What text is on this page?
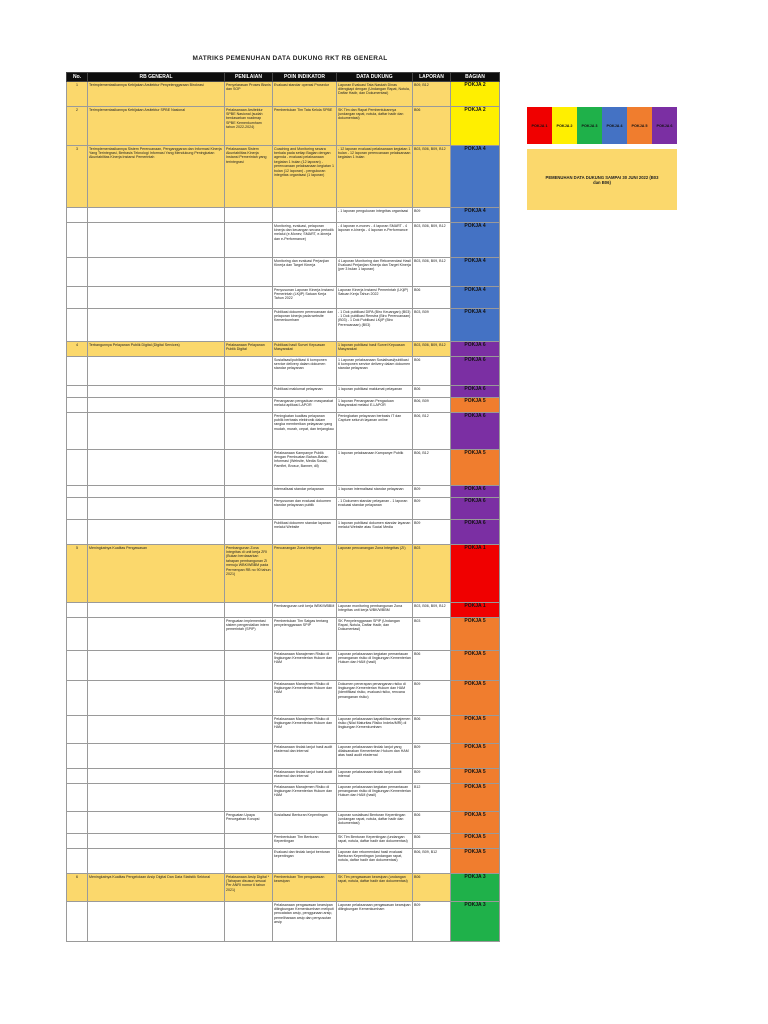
MATRIKS PEMENUHAN DATA DUKUNG RKT RB GENERAL
No.	RB GENERAL	PENILAIAN	POIN INDIKATOR	DATA DUKUNG	LAPORAN	BAGIAN
1	Terimplementasikannya Kebijakan Arsitektur Penyelenggaraan Birokrasi	Penyelarasan Proses Bisnis dan SOP	Evaluasi standar operasi Prosedur	Laporan Evaluasi Tata Naskah Dinas dilengkapi dengan (Undangan Rapat, Notula, Daftar Hadir, dan Dokumentasi)	B09, B12	POKJA 2
2	Terimplementasikannya Kebijakan Arsitektur SPBE Nasional	Pelaksanaan Arsitektur SPBE Nasional (sudah berdasarkan roadmap SPBE Kemenkumham tahun 2022-2024)	Pembentukan Tim Tata Kelola SPBE	SK Tim dan Rapat Pembentukannya (undangan rapat, notula, daftar hadir dan dokumentasi)	B06	POKJA 2
3	Terimplementasikannya Sistem Perencanaan, Penganggaran dan Informasi Kinerja Yang Terintegrasi, Berbasis Teknologi Informasi Yang Mendukung Peningkatan Akuntabilitas Kinerja Instansi Pemerintah	Pelaksanaan Sistem Akuntabilitas Kinerja Instansi Pemerintah yang terintegrasi	Coaching and Monitoring secara berkala pada setiap Bagian dengan agenda - evaluasi pelaksanaan kegiatan 1 bulan (12 laporan) - perencanaan pelaksanaan kegiatan 1 bulan (12 laporan) - pengukuran integritas organisasi (1 laporan)	- 12 laporan evaluasi pelaksanaan kegiatan 1 bulan - 12 laporan perencanaan pelaksanaan kegiatan 1 bulan	B03, B06, B09, B12	POKJA 4
				- 1 laporan pengukuran integritas organisasi	B09	POKJA 4
			Monitoring, evaluasi, pelaporan kinerja dan keuangan secara periodik melalui (e-Monev, SMART, e-kinerja dan e-Performance)	- 4 laporan e-monev - 4 laporan SMART - 4 laporan e-kinerja - 4 laporan e-Performance	B03, B06, B09, B12	POKJA 4
			Monitoring dan evaluasi Perjanjian Kinerja dan Target Kinerja	4 Laporan Monitoring dan Rekomendasi Hasil Evaluasi Perjanjian Kinerja dan Target Kinerja (per 3 bulan 1 laporan)	B03, B06, B09, B12	POKJA 4
			Penyusunan Laporan Kinerja Instansi Pemerintah (LKjIP) Satuan Kerja Tahun 2022	Laporan Kinerja Instansi Pemerintah (LKjIP) Satuan Kerja Tahun 2022	B06	POKJA 4
			Publikasi dokumen perencanaan dan pelaporan kinerja pada website Kemenkumham	- 1 Dok publikasi DIPA (Biro Keuangan) (B03) - 1 Dok publikasi Renstra (Biro Perencanaan) (B03) - 1 Dok Publikasi LKjIP (Biro Perencanaan) (B03)	B03, B09	POKJA 4
4	Terbangunnya Pelayanan Publik Digital (Digital Services)	Pelaksanaan Pelayanan Publik Digital	Publikasi hasil Survei Kepuasan Masyarakat	1 laporan publikasi hasil Survei Kepuasan Masyarakat	B03, B06, B09, B12	POKJA 6
			Sosialisasi/publikasi 6 komponen service delivery dalam dokumen standar pelayanan	1 Laporan pelaksanaan Sosialisasi/publikasi 6 komponen service delivery dalam dokumen standar pelayanan	B06	POKJA 6
			Publikasi maklumat pelayanan	1 laporan publikasi maklumat pelayanan	B06	POKJA 6
			Penanganan pengaduan masyarakat melalui aplikasi LAPOR	1 laporan Penanganan Pengaduan Masyarakat melalui E-LAPOR	B06, B09	POKJA 5
			Peningkatan kualitas pelayanan publik berbasis elektronik dalam rangka memberikan pelayanan yang mudah, murah, cepat, dan terjangkau	Peningkatan pelayanan berbasis IT dan Capture seluruh layanan online	B06, B12	POKJA 6
			Pelaksanaan Kampanye Publik dengan Pembuatan Bahan-Bahan Informasi (Website, Media Sosial, Pamflet, Brosur, Banner, dll)	1 laporan pelaksanaan Kampanye Publik	B06, B12	POKJA 5
			Internalisasi standar pelayanan	1 laporan internalisasi standar pelayanan	B09	POKJA 6
			Penyusunan dan evaluasi dokumen standar pelayanan publik	- 1 Dokumen standar pelayanan - 1 laporan evaluasi standar pelayanan	B09	POKJA 6
			Publikasi dokumen standar layanan melalui Website	1 laporan publikasi dokumen standar layanan melalui Website atau Social Media	B09	POKJA 6
5	Meningkatnya Kualitas Pengawasan	Pembangunan Zona Integritas di unit kerja ZRI (Bukan berdasarkan tahapan pembangunan ZI menuju WBK/WBBM pada Permenpan RB no 90 tahun 2021)	Pencanangan Zona Integritas	Laporan pencanangan Zona Integritas (ZI)	B03	POKJA 1
			Pembangunan unit kerja WBK/WBBM	Laporan monitoring pembangunan Zona Integritas unit kerja WBK/WBBM	B03, B06, B09, B12	POKJA 1
		Penguatan implementasi sistem pengendalian intern pemerintah (SPIP)	Pembentukan Tim Satgas tentang penyelenggaraan SPIP	SK Penyelenggaraan SPIP (Undangan Rapat, Notula, Daftar Hadir, dan Dokumentasi)	B03	POKJA 5
			Pelaksanaan Manajemen Risiko di lingkungan Kementerian Hukum dan HAM	Laporan pelaksanaan kegiatan pemantauan penanganan risiko di lingkungan Kementerian Hukum dan HAM (hasil)	B06	POKJA 5
			Pelaksanaan Manajemen Risiko di lingkungan Kementerian Hukum dan HAM	Dokumen penerapan penanganan risiko di lingkungan Kementerian Hukum dan HAM (identifikasi risiko, evaluasi risiko, rencana penanganan risiko)	B09	POKJA 5
			Pelaksanaan Manajemen Risiko di lingkungan Kementerian Hukum dan HAM	Laporan pelaksanaan kapabilitas manajemen risiko (Nilai Maturitas Risiko Indeks/MRI) di lingkungan Kemenkumham	B06	POKJA 5
			Pelaksanaan tindak lanjut hasil audit eksternal dan internal	Laporan pelaksanaan tindak lanjut yang dilaksanakan Kementerian Hukum dan HAM atas hasil audit eksternal	B09	POKJA 5
			Pelaksanaan tindak lanjut hasil audit eksternal dan internal	Laporan pelaksanaan tindak lanjut audit internal	B09	POKJA 5
			Pelaksanaan Manajemen Risiko di lingkungan Kementerian Hukum dan HAM	Laporan pelaksanaan kegiatan pemantauan penanganan risiko di lingkungan Kementerian Hukum dan HAM (hasil)	B12	POKJA 5
		Penguatan Upaya Pencegahan Korupsi	Sosialisasi Benturan Kepentingan	Laporan sosialisasi Benturan Kepentingan (undangan rapat, notula, daftar hadir dan dokumentasi)	B06	POKJA 5
			Pembentukan Tim Benturan Kepentingan	SK Tim Benturan Kepentingan (undangan rapat, notula, daftar hadir dan dokumentasi)	B06	POKJA 5
			Evaluasi dan tindak lanjut benturan kepentingan	Laporan dan rekomendasi hasil evaluasi Benturan Kepentingan (undangan rapat, notula, daftar hadir dan dokumentasi)	B06, B09, B12	POKJA 5
6	Meningkatnya Kualitas Pengelolaan Arsip Digital Dan Data Statistik Sektoral	Pelaksanaan Arsip Digital *(Tahapan disusun sesuai Per ANRI nomor 6 tahun 2021)	Pembentukan Tim pengawasan kearsipan	SK Tim pengawasan kearsipan (undangan rapat, notula, daftar hadir dan dokumentasi)	B06	POKJA 3
			Pelaksanaan pengawasan kearsipan dilingkungan Kemenkumham meliputi pencatatan arsip, penggunaan arsip, pemeliharaan arsip dan penyusutan arsip	Laporan pelaksanaan pengawasan kearsipan dilingkungan Kemenkumham	B09	POKJA 3
POKJA 1	POKJA 2	POKJA 3	POKJA 4	POKJA 5	POKJA 6
PEMENUHAN DATA DUKUNG SAMPAI 30 JUNI 2022 (B03 dan B06)
